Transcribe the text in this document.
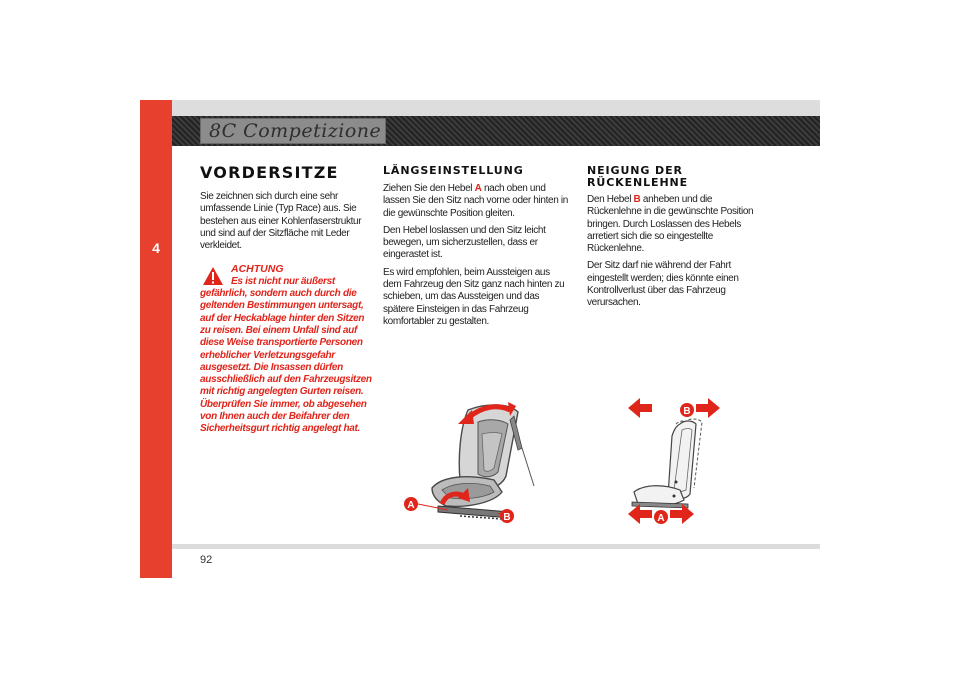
4
8C Competizione
VORDERSITZE

Sie zeichnen sich durch eine sehr umfassende Linie (Typ Race) aus. Sie bestehen aus einer Kohlenfaserstruktur und sind auf der Sitzfläche mit Leder verkleidet.

ACHTUNG

Es ist nicht nur äußerst

gefährlich, sondern auch durch die geltenden Bestimmungen untersagt, auf der Heckablage hinter den Sitzen zu reisen. Bei einem Unfall sind auf diese Weise transportierte Personen erheblicher Verletzungsgefahr ausgesetzt. Die Insassen dürfen ausschließlich auf den Fahrzeugsitzen mit richtig angelegten Gurten reisen. Überprüfen Sie immer, ob abgesehen von Ihnen auch der Beifahrer den Sicherheitsgurt richtig angelegt hat.

LÄNGSEINSTELLUNG

Ziehen Sie den Hebel A nach oben und lassen Sie den Sitz nach vorne oder hinten in die gewünschte Position gleiten.

Den Hebel loslassen und den Sitz leicht bewegen, um sicherzustellen, dass er eingerastet ist.

Es wird empfohlen, beim Aussteigen aus dem Fahrzeug den Sitz ganz nach hinten zu schieben, um das Aussteigen und das spätere Einsteigen in das Fahrzeug komfortabler zu gestalten.

NEIGUNG DER
RÜCKENLEHNE

Den Hebel B anheben und die Rückenlehne in die gewünschte Position bringen. Durch Loslassen des Hebels arretiert sich die so eingestellte Rückenlehne.

Der Sitz darf nie während der Fahrt eingestellt werden; dies könnte einen Kontrollverlust über das Fahrzeug verursachen.

A
B
B
A
92
